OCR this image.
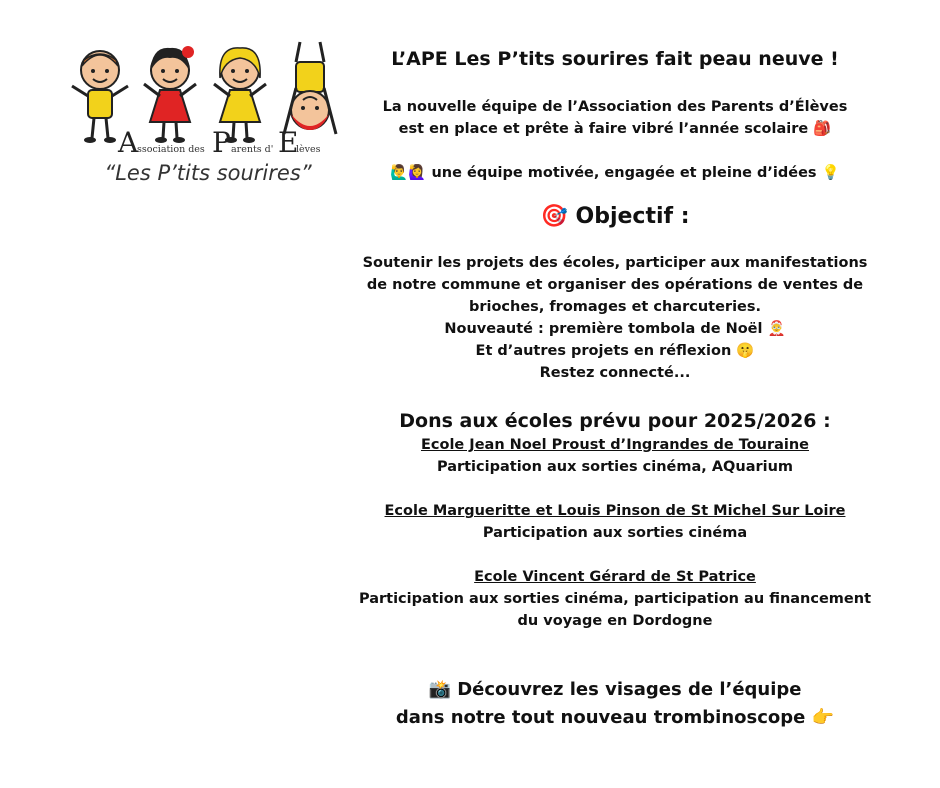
A	P E
ssociation des	arents d' lèves
“Les P’tits sourires”
L’APE Les P’tits sourires fait peau neuve !
La nouvelle équipe de l’Association des Parents d’Élèves
est en place et prête à faire vibré l’année scolaire 🎒
🙋‍♂️🙋‍♀️ une équipe motivée, engagée et pleine d’idées 💡
🎯 Objectif :
Soutenir les projets des écoles, participer aux manifestations
de notre commune et organiser des opérations de ventes de
brioches, fromages et charcuteries.
Nouveauté : première tombola de Noël 🤶
Et d’autres projets en réflexion 🤫
Restez connecté...
Dons aux écoles prévu pour 2025/2026 :
Ecole Jean Noel Proust d’Ingrandes de Touraine
Participation aux sorties cinéma, AQuarium
Ecole Margueritte et Louis Pinson de St Michel Sur Loire
Participation aux sorties cinéma
Ecole Vincent Gérard de St Patrice
Participation aux sorties cinéma, participation au financement
du voyage en Dordogne
📸 Découvrez les visages de l’équipe
dans notre tout nouveau trombinoscope 👉
